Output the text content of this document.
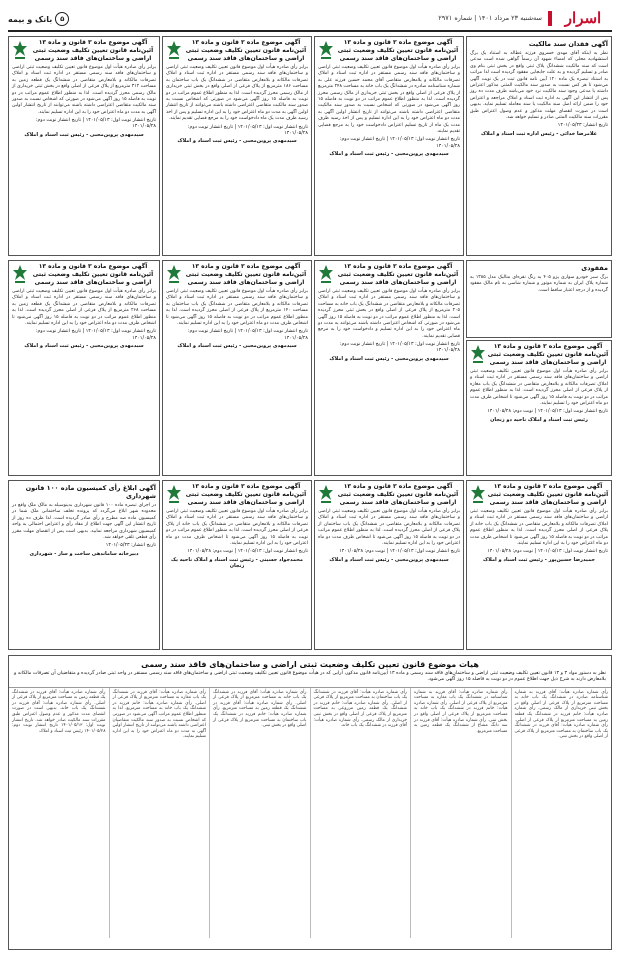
اسرار
سه‌شنبه ۲۳ مرداد ۱۴۰۱ | شماره ۲۹۷۱
۵
بانک و بیمه
آگهی فقدان سند مالکیت
نظر به اینکه آقای مهدی خسروی فرزند عطاله به استناد یک برگ استشهادیه محلی که امضاء شهود آن رسماً گواهی شده است مدعی است که سند مالکیت ششدانگ پلاک ثبتی واقع در بخش ثبتی بنام وی صادر و تسلیم گردیده و به علت جابجایی مفقود گردیده است لذا مراتب به استناد تبصره یک ماده ۱۲۰ آیین نامه قانون ثبت در یک نوبت آگهی می‌شود تا هر کس نسبت به صدور سند مالکیت المثنی مذکور اعتراض داشته یا مدعی وجود سند مالکیت نزد خود می‌باشد ظرف مدت ده روز پس از انتشار این آگهی به اداره ثبت اسناد و املاک مراجعه و اعتراض خود را ضمن ارائه اصل سند مالکیت یا سند معامله تسلیم نماید. بدیهی است در صورت انقضای مهلت مذکور و عدم وصول اعتراض طبق مقررات سند مالکیت المثنی صادر و تسلیم خواهد شد.
تاریخ انتشار: ۱۴۰۱/۰۵/۲۳
غلامرضا خدائی - رئیس اداره ثبت اسناد و املاک
آگهی موضوع ماده ۳ قانون و ماده ۱۳ آئین‌نامه قانون تعیین تکلیف وضعیت ثبتی اراضی و ساختمان‌های فاقد سند رسمی
برابر رأی صادره هیأت اول موضوع قانون تعیین تکلیف وضعیت ثبتی اراضی و ساختمان‌های فاقد سند رسمی مستقر در اداره ثبت اسناد و املاک تصرفات مالکانه و بلامعارض متقاضی آقای محمد حسین فرزند علی به شماره شناسنامه صادره در ششدانگ یک باب خانه به مساحت ۲۴۸ مترمربع از پلاک فرعی از اصلی واقع در بخش ثبتی خریداری از مالک رسمی محرز گردیده است. لذا به منظور اطلاع عموم مراتب در دو نوبت به فاصله ۱۵ روز آگهی می‌شود در صورتی که اشخاص نسبت به صدور سند مالکیت متقاضی اعتراضی داشته باشند می‌توانند از تاریخ انتشار اولین آگهی به مدت دو ماه اعتراض خود را به این اداره تسلیم و پس از اخذ رسید ظرف مدت یک ماه از تاریخ تسلیم اعتراض دادخواست خود را به مرجع قضایی تقدیم نمایند.
تاریخ انتشار نوبت اول: ۱۴۰۱/۰۵/۱۳ | تاریخ انتشار نوبت دوم: ۱۴۰۱/۰۵/۲۸
سیدمهدی پروین‌محبی - رئیس ثبت اسناد و املاک
آگهی موضوع ماده ۳ قانون و ماده ۱۳ آئین‌نامه قانون تعیین تکلیف وضعیت ثبتی اراضی و ساختمان‌های فاقد سند رسمی
برابر رأی صادره هیأت اول موضوع قانون تعیین تکلیف وضعیت ثبتی اراضی و ساختمان‌های فاقد سند رسمی مستقر در اداره ثبت اسناد و املاک تصرفات مالکانه و بلامعارض متقاضی در ششدانگ یک باب ساختمان به مساحت ۱۸۶ مترمربع از پلاک فرعی از اصلی واقع در بخش ثبتی خریداری از مالک رسمی محرز گردیده است. لذا به منظور اطلاع عموم مراتب در دو نوبت به فاصله ۱۵ روز آگهی می‌شود در صورتی که اشخاص نسبت به صدور سند مالکیت متقاضی اعتراضی داشته باشند می‌توانند از تاریخ انتشار اولین آگهی به مدت دو ماه اعتراض خود را به این اداره تسلیم و پس از اخذ رسید ظرف مدت یک ماه دادخواست خود را به مرجع قضایی تقدیم نمایند.
تاریخ انتشار نوبت اول: ۱۴۰۱/۰۵/۱۳ | تاریخ انتشار نوبت دوم: ۱۴۰۱/۰۵/۲۸
سیدمهدی پروین‌محبی - رئیس ثبت اسناد و املاک
آگهی موضوع ماده ۳ قانون و ماده ۱۳ آئین‌نامه قانون تعیین تکلیف وضعیت ثبتی اراضی و ساختمان‌های فاقد سند رسمی
برابر رأی صادره هیأت اول موضوع قانون تعیین تکلیف وضعیت ثبتی اراضی و ساختمان‌های فاقد سند رسمی مستقر در اداره ثبت اسناد و املاک تصرفات مالکانه و بلامعارض متقاضی در ششدانگ یک قطعه زمین به مساحت ۳۱۲ مترمربع از پلاک فرعی از اصلی واقع در بخش ثبتی خریداری از مالک رسمی محرز گردیده است. لذا به منظور اطلاع عموم مراتب در دو نوبت به فاصله ۱۵ روز آگهی می‌شود در صورتی که اشخاص نسبت به صدور سند مالکیت متقاضی اعتراضی داشته باشند می‌توانند از تاریخ انتشار اولین آگهی به مدت دو ماه اعتراض خود را به این اداره تسلیم نمایند.
تاریخ انتشار نوبت اول: ۱۴۰۱/۰۵/۱۳ | تاریخ انتشار نوبت دوم: ۱۴۰۱/۰۵/۲۸
سیدمهدی پروین‌محبی - رئیس ثبت اسناد و املاک
مفقودی
برگ سبز خودرو سواری پژو ۴۰۵ به رنگ نقره‌ای متالیک مدل ۱۳۸۵ به شماره پلاک ایران به شماره موتور و شماره شاسی به نام مالک مفقود گردیده و از درجه اعتبار ساقط است.
آگهی موضوع ماده ۳ قانون و ماده ۱۳ آئین‌نامه قانون تعیین تکلیف وضعیت ثبتی اراضی و ساختمان‌های فاقد سند رسمی
برابر رأی صادره هیأت اول موضوع قانون تعیین تکلیف وضعیت ثبتی اراضی و ساختمان‌های فاقد سند رسمی مستقر در اداره ثبت اسناد و املاک تصرفات مالکانه و بلامعارض متقاضی در ششدانگ یک باب مغازه از پلاک فرعی از اصلی محرز گردیده است. لذا به منظور اطلاع عموم مراتب در دو نوبت به فاصله ۱۵ روز آگهی می‌شود تا اشخاص ظرف مدت دو ماه اعتراض خود را تسلیم نمایند.
تاریخ انتشار نوبت اول: ۱۴۰۱/۰۵/۱۳ | نوبت دوم: ۱۴۰۱/۰۵/۲۸
رئیس ثبت اسناد و املاک ناحیه دو زنجان
آگهی موضوع ماده ۳ قانون و ماده ۱۳ آئین‌نامه قانون تعیین تکلیف وضعیت ثبتی اراضی و ساختمان‌های فاقد سند رسمی
برابر رأی صادره هیأت اول موضوع قانون تعیین تکلیف وضعیت ثبتی اراضی و ساختمان‌های فاقد سند رسمی مستقر در اداره ثبت اسناد و املاک تصرفات مالکانه و بلامعارض متقاضی در ششدانگ یک باب خانه به مساحت ۲۰۵ مترمربع از پلاک فرعی از اصلی واقع در بخش ثبتی محرز گردیده است. لذا به منظور اطلاع عموم مراتب در دو نوبت به فاصله ۱۵ روز آگهی می‌شود در صورتی که اشخاص اعتراضی داشته باشند می‌توانند به مدت دو ماه اعتراض خود را به این اداره تسلیم و دادخواست خود را به مرجع قضایی تقدیم نمایند.
تاریخ انتشار نوبت اول: ۱۴۰۱/۰۵/۱۳ | تاریخ انتشار نوبت دوم: ۱۴۰۱/۰۵/۲۸
سیدمهدی پروین‌محبی - رئیس ثبت اسناد و املاک
آگهی موضوع ماده ۳ قانون و ماده ۱۳ آئین‌نامه قانون تعیین تکلیف وضعیت ثبتی اراضی و ساختمان‌های فاقد سند رسمی
برابر رأی صادره هیأت اول موضوع قانون تعیین تکلیف وضعیت ثبتی اراضی و ساختمان‌های فاقد سند رسمی مستقر در اداره ثبت اسناد و املاک تصرفات مالکانه و بلامعارض متقاضی در ششدانگ یک باب ساختمان به مساحت ۱۴۰ مترمربع از پلاک فرعی از اصلی محرز گردیده است. لذا به منظور اطلاع عموم مراتب در دو نوبت به فاصله ۱۵ روز آگهی می‌شود تا اشخاص ظرف مدت دو ماه اعتراض خود را به این اداره تسلیم نمایند.
تاریخ انتشار نوبت اول: ۱۴۰۱/۰۵/۱۳ | تاریخ انتشار نوبت دوم: ۱۴۰۱/۰۵/۲۸
سیدمهدی پروین‌محبی - رئیس ثبت اسناد و املاک
آگهی موضوع ماده ۳ قانون و ماده ۱۳ آئین‌نامه قانون تعیین تکلیف وضعیت ثبتی اراضی و ساختمان‌های فاقد سند رسمی
برابر رأی صادره هیأت اول موضوع قانون تعیین تکلیف وضعیت ثبتی اراضی و ساختمان‌های فاقد سند رسمی مستقر در اداره ثبت اسناد و املاک تصرفات مالکانه و بلامعارض متقاضی در ششدانگ یک قطعه زمین به مساحت ۲۶۸ مترمربع از پلاک فرعی از اصلی محرز گردیده است. لذا به منظور اطلاع عموم مراتب در دو نوبت به فاصله ۱۵ روز آگهی می‌شود تا اشخاص ظرف مدت دو ماه اعتراض خود را به این اداره تسلیم نمایند.
تاریخ انتشار نوبت اول: ۱۴۰۱/۰۵/۱۳ | تاریخ انتشار نوبت دوم: ۱۴۰۱/۰۵/۲۸
سیدمهدی پروین‌محبی - رئیس ثبت اسناد و املاک
آگهی موضوع ماده ۳ قانون و ماده ۱۳ آئین‌نامه قانون تعیین تکلیف وضعیت ثبتی اراضی و ساختمان‌های فاقد سند رسمی
برابر رأی صادره هیأت اول موضوع قانون تعیین تکلیف وضعیت ثبتی اراضی و ساختمان‌های فاقد سند رسمی مستقر در اداره ثبت اسناد و املاک تصرفات مالکانه و بلامعارض متقاضی در ششدانگ یک باب خانه از پلاک فرعی از اصلی محرز گردیده است. لذا به منظور اطلاع عموم مراتب در دو نوبت به فاصله ۱۵ روز آگهی می‌شود تا اشخاص ظرف مدت دو ماه اعتراض خود را به این اداره تسلیم نمایند.
تاریخ انتشار نوبت اول: ۱۴۰۱/۰۵/۱۳ | نوبت دوم: ۱۴۰۱/۰۵/۲۸
حمیدرضا حسین‌پور - رئیس ثبت اسناد و املاک
آگهی موضوع ماده ۳ قانون و ماده ۱۳ آئین‌نامه قانون تعیین تکلیف وضعیت ثبتی اراضی و ساختمان‌های فاقد سند رسمی
برابر رأی صادره هیأت اول موضوع قانون تعیین تکلیف وضعیت ثبتی اراضی و ساختمان‌های فاقد سند رسمی مستقر در اداره ثبت اسناد و املاک تصرفات مالکانه و بلامعارض متقاضی در ششدانگ یک باب ساختمان از پلاک فرعی از اصلی محرز گردیده است. لذا به منظور اطلاع عموم مراتب در دو نوبت به فاصله ۱۵ روز آگهی می‌شود تا اشخاص ظرف مدت دو ماه اعتراض خود را به این اداره تسلیم نمایند.
تاریخ انتشار نوبت اول: ۱۴۰۱/۰۵/۱۳ | نوبت دوم: ۱۴۰۱/۰۵/۲۸
سیدمهدی پروین‌محبی - رئیس ثبت اسناد و املاک
آگهی موضوع ماده ۳ قانون و ماده ۱۳ آئین‌نامه قانون تعیین تکلیف وضعیت ثبتی اراضی و ساختمان‌های فاقد سند رسمی
برابر رأی صادره هیأت اول موضوع قانون تعیین تکلیف وضعیت ثبتی اراضی و ساختمان‌های فاقد سند رسمی مستقر در اداره ثبت اسناد و املاک تصرفات مالکانه و بلامعارض متقاضی در ششدانگ یک باب خانه از پلاک فرعی از اصلی محرز گردیده است. لذا به منظور اطلاع عموم مراتب در دو نوبت به فاصله ۱۵ روز آگهی می‌شود تا اشخاص ظرف مدت دو ماه اعتراض خود را به این اداره تسلیم نمایند.
تاریخ انتشار نوبت اول: ۱۴۰۱/۰۵/۱۳ | نوبت دوم: ۱۴۰۱/۰۵/۲۸
محمدجواد حسینی - رئیس ثبت اسناد و املاک ناحیه یک زنجان
آگهی ابلاغ رأی کمیسیون ماده ۱۰۰ قانون شهرداری
در اجرای تبصره ماده ۱۰۰ قانون شهرداری بدینوسیله به مالک ملک واقع در محدوده شهر ابلاغ می‌گردد که پرونده تخلف ساختمانی ملک شما در کمیسیون ماده صد مطرح و رأی صادر گردیده است. لذا ظرف ده روز از تاریخ انتشار این آگهی جهت اطلاع از مفاد رأی و اعتراض احتمالی به واحد کمیسیون شهرداری مراجعه نمایید. بدیهی است پس از انقضای مهلت مقرر رأی قطعی تلقی خواهد شد.
تاریخ انتشار: ۱۴۰۱/۰۵/۲۳
دبیرخانه ساماندهی ساخت و ساز - شهرداری
هیات موضوع قانون تعیین تکلیف وضعیت ثبتی اراضی و ساختمان‌های فاقد سند رسمی
نظر به دستور مواد ۳ و ۱۳ قانون تعیین تکلیف وضعیت ثبتی اراضی و ساختمان‌های فاقد سند رسمی و ماده ۱۳ آیین‌نامه قانون مذکور، آرایی که در هیأت موضوع قانون تعیین تکلیف وضعیت ثبتی اراضی و ساختمان‌های فاقد سند رسمی مستقر در واحد ثبتی صادر گردیده و متقاضیان آن تصرفات مالکانه و بلامعارض دارند به شرح ذیل جهت اطلاع عموم در دو نوبت به فاصله ۱۵ روز آگهی می‌شود.
رأی شماره صادره هیأت: آقای فرزند به شماره شناسنامه صادره در ششدانگ یک باب خانه به مساحت مترمربع از پلاک فرعی از اصلی واقع در بخش ثبتی خریداری از مالک رسمی. رأی شماره صادره هیأت: خانم فرزند در ششدانگ یک قطعه زمین به مساحت مترمربع از پلاک فرعی از اصلی. رأی شماره صادره هیأت: آقای فرزند در ششدانگ یک باب ساختمان به مساحت مترمربع از پلاک فرعی از اصلی واقع در بخش ثبتی.
رأی شماره صادره هیأت: آقای فرزند به شماره شناسنامه در ششدانگ یک باب مغازه به مساحت مترمربع از پلاک فرعی از اصلی. رأی شماره صادره هیأت: خانم فرزند در ششدانگ یک باب خانه به مساحت مترمربع از پلاک فرعی از اصلی واقع در بخش ثبتی. رأی شماره صادره هیأت: آقای فرزند در سه دانگ مشاع از ششدانگ یک قطعه زمین به مساحت مترمربع.
رأی شماره صادره هیأت: آقای فرزند در ششدانگ یک باب ساختمان به مساحت مترمربع از پلاک فرعی از اصلی. رأی شماره صادره هیأت: خانم فرزند در ششدانگ یک قطعه زمین مزروعی به مساحت مترمربع از پلاک فرعی از اصلی واقع در بخش ثبتی خریداری از مالک رسمی. رأی شماره صادره هیأت: آقای فرزند در ششدانگ یک باب خانه.
رأی شماره صادره هیأت: آقای فرزند در ششدانگ یک باب خانه به مساحت مترمربع از پلاک فرعی از اصلی. رأی شماره صادره هیأت: آقای فرزند در ششدانگ یک قطعه زمین به مساحت مترمربع. رأی شماره صادره هیأت: خانم فرزند در ششدانگ یک باب ساختمان به مساحت مترمربع از پلاک فرعی از اصلی واقع در بخش ثبتی.
رأی شماره صادره هیأت: آقای فرزند در ششدانگ یک باب مغازه به مساحت مترمربع از پلاک فرعی از اصلی. رأی شماره صادره هیأت: خانم فرزند در ششدانگ یک باب خانه به مساحت مترمربع. لذا به منظور اطلاع عموم مراتب آگهی می‌شود در صورتی که اشخاص نسبت به صدور سند مالکیت متقاضیان اعتراضی داشته باشند می‌توانند از تاریخ انتشار اولین آگهی به مدت دو ماه اعتراض خود را به این اداره تسلیم نمایند.
رأی شماره صادره هیأت: آقای فرزند در ششدانگ یک قطعه زمین به مساحت مترمربع از پلاک فرعی از اصلی. رأی شماره صادره هیأت: آقای فرزند در ششدانگ یک باب خانه. بدیهی است در صورت انقضای مدت مذکور و عدم وصول اعتراض طبق مقررات سند مالکیت صادر خواهد شد. تاریخ انتشار نوبت اول: ۱۴۰۱/۰۵/۱۳ تاریخ انتشار نوبت دوم: ۱۴۰۱/۰۵/۲۸ رئیس ثبت اسناد و املاک
